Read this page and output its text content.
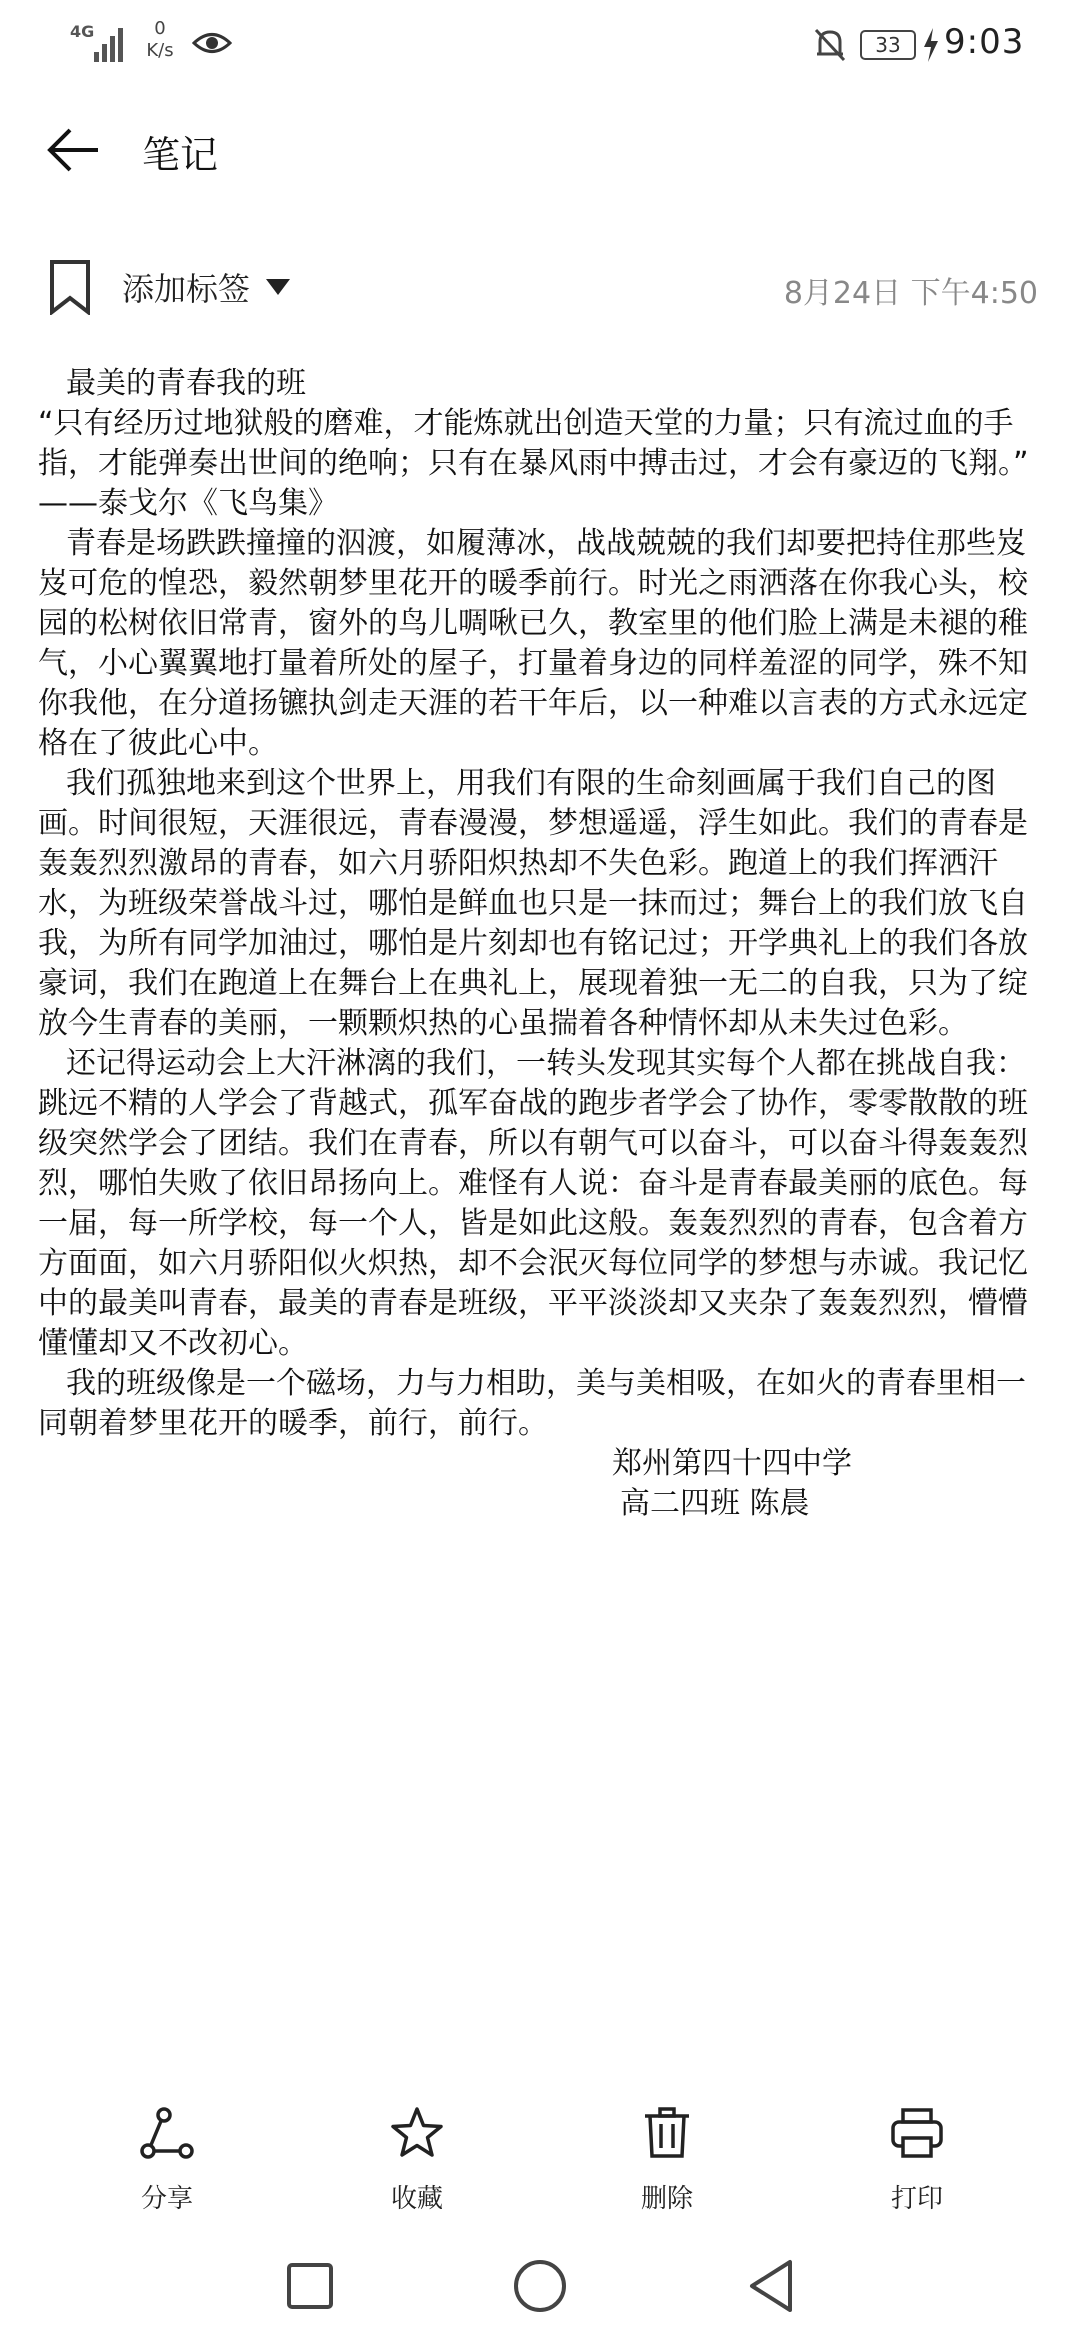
4G	0
K/s	33	9:03
笔记
添加标签	8月24日 下午4:50

最美的青春我的班

“只有经历过地狱般的磨难，才能炼就出创造天堂的力量；只有流过血的手指，才能弹奏出世间的绝响；只有在暴风雨中搏击过，才会有豪迈的飞翔。”

——泰戈尔《飞鸟集》

青春是场跌跌撞撞的泅渡，如履薄冰，战战兢兢的我们却要把持住那些岌岌可危的惶恐，毅然朝梦里花开的暖季前行。时光之雨洒落在你我心头，校园的松树依旧常青，窗外的鸟儿啁啾已久，教室里的他们脸上满是未褪的稚气，小心翼翼地打量着所处的屋子，打量着身边的同样羞涩的同学，殊不知你我他，在分道扬镳执剑走天涯的若干年后，以一种难以言表的方式永远定格在了彼此心中。

我们孤独地来到这个世界上，用我们有限的生命刻画属于我们自己的图画。时间很短，天涯很远，青春漫漫，梦想遥遥，浮生如此。我们的青春是轰轰烈烈激昂的青春，如六月骄阳炽热却不失色彩。跑道上的我们挥洒汗水，为班级荣誉战斗过，哪怕是鲜血也只是一抹而过；舞台上的我们放飞自我，为所有同学加油过，哪怕是片刻却也有铭记过；开学典礼上的我们各放豪词，我们在跑道上在舞台上在典礼上，展现着独一无二的自我，只为了绽放今生青春的美丽，一颗颗炽热的心虽揣着各种情怀却从未失过色彩。

还记得运动会上大汗淋漓的我们，一转头发现其实每个人都在挑战自我：跳远不精的人学会了背越式，孤军奋战的跑步者学会了协作，零零散散的班级突然学会了团结。我们在青春，所以有朝气可以奋斗，可以奋斗得轰轰烈烈，哪怕失败了依旧昂扬向上。难怪有人说：奋斗是青春最美丽的底色。每一届，每一所学校，每一个人，皆是如此这般。轰轰烈烈的青春，包含着方方面面，如六月骄阳似火炽热，却不会泯灭每位同学的梦想与赤诚。我记忆中的最美叫青春，最美的青春是班级，平平淡淡却又夹杂了轰轰烈烈，懵懵懂懂却又不改初心。

我的班级像是一个磁场，力与力相助，美与美相吸，在如火的青春里相一同朝着梦里花开的暖季，前行，前行。

郑州第四十四中学

高二四班 陈晨

分享	收藏	删除	打印
